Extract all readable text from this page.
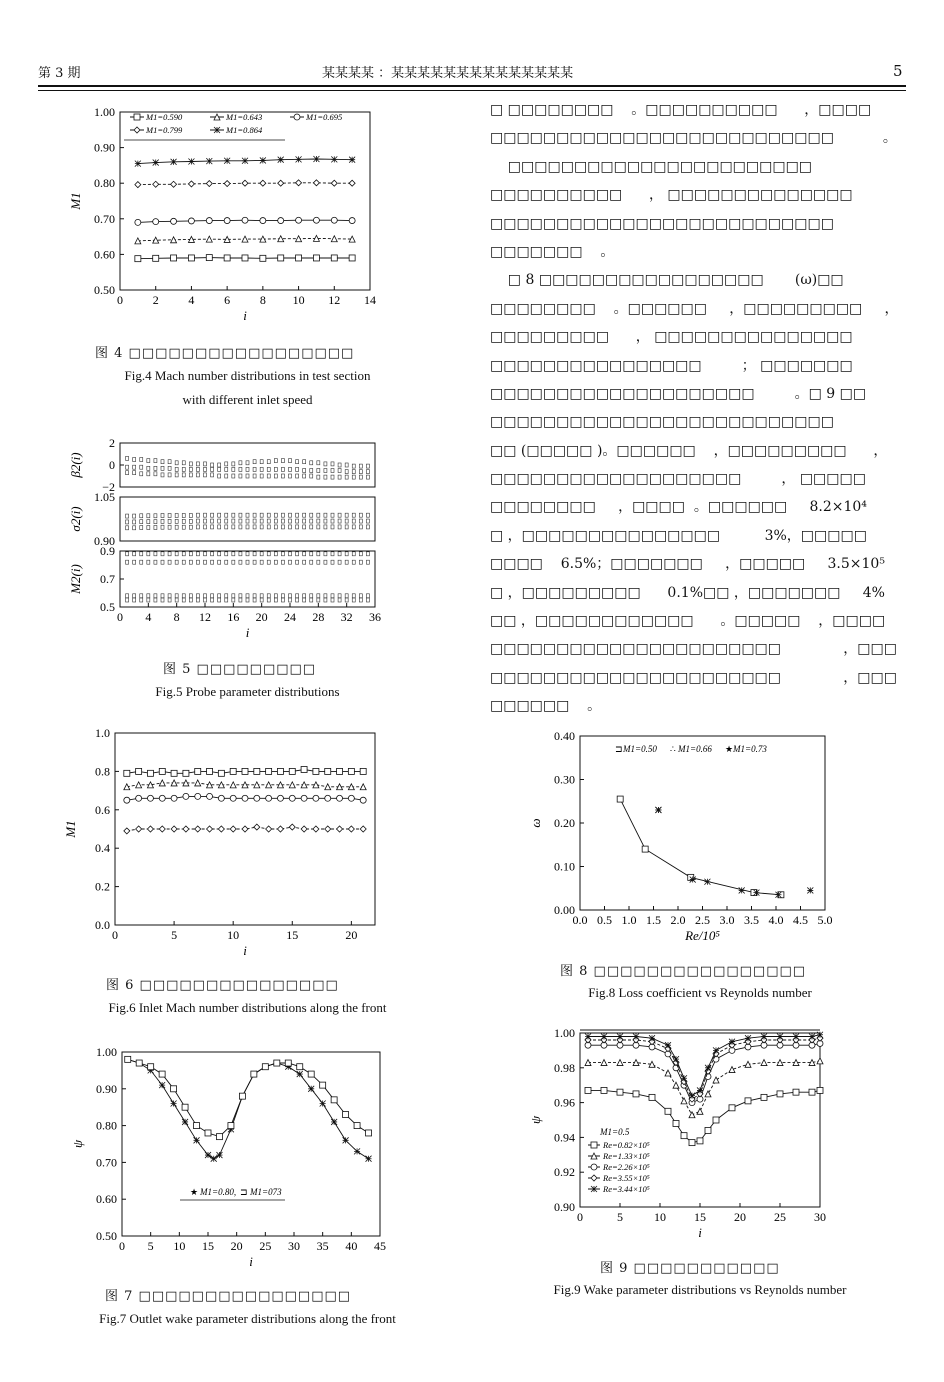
第 3 期	某某某某 ：某某某某某某某某某某某某某某	5
□ □□□□□□□□    。□□□□□□□□□□      ，□□□□
□□□□□□□□□□□□□□□□□□□□□□□□□□           。
□□□□□□□□□□□□□□□□□□□□□□□
□□□□□□□□□□      ， □□□□□□□□□□□□□□
□□□□□□□□□□□□□□□□□□□□□□□□□□
□□□□□□□    。
□ 8 □□□□□□□□□□□□□□□□□       (ω)□□
□□□□□□□□    。□□□□□□     ，□□□□□□□□□     ，
□□□□□□□□□      ， □□□□□□□□□□□□□□□
□□□□□□□□□□□□□□□□         ； □□□□□□□
□□□□□□□□□□□□□□□□□□□□         。□ 9 □□
□□□□□□□□□□□□□□□□□□□□□□□□□□
□□ (□□□□□ )。□□□□□□    ，□□□□□□□□□      ，
□□□□□□□□□□□□□□□□□□□         ， □□□□□
□□□□□□□□     ，□□□□  。□□□□□□     8.2×10⁴
□ ，□□□□□□□□□□□□□□□          3%，□□□□□
□□□□    6.5%；□□□□□□□     ，□□□□□     3.5×10⁵
□ ，□□□□□□□□□      0.1%□□ ，□□□□□□□     4%
□□ ，□□□□□□□□□□□□      。□□□□□    ，□□□□
□□□□□□□□□□□□□□□□□□□□□□              ，□□□
□□□□□□□□□□□□□□□□□□□□□□              ，□□□
□□□□□□    。
0 2 4 6 8 10 12 14
i
0.50
0.60
0.70
0.80
0.90
1.00
M1
M1=0.590	M1=0.643	M1=0.695
M1=0.799	M1=0.864
图 4 □□□□□□□□□□□□□□□□□
Fig.4 Mach number distributions in test section
with different inlet speed
−2
0
2
β2(i)
0.90
1.05
σ2(i)
0 4 8 12 16 20 24 28 32 36
i
0.5
0.7
0.9
M2(i)
图 5 □□□□□□□□□
Fig.5 Probe parameter distributions
0	5	10	15	20
i
0.0
0.2
0.4
0.6
0.8
1.0
M1
图 6 □□□□□□□□□□□□□□□
Fig.6 Inlet Mach number distributions along the front
0 5 10 15 20 25 30 35 40 45
i
0.50
0.60
0.70
0.80
0.90
1.00
ψ
★ M1=0.80, ⊐ M1=073
图 7 □□□□□□□□□□□□□□□□
Fig.7 Outlet wake parameter distributions along the front
0.0 0.5 1.0 1.5 2.0 2.5 3.0 3.5 4.0 4.5 5.0
Re/10⁵
0.00
0.10
0.20
0.30
0.40
ω
⊐ M1=0.50 ∴ M1=0.66 ★ M1=0.73
图 8 □□□□□□□□□□□□□□□□
Fig.8 Loss coefficient vs Reynolds number
0	5	10 15 20 25 30
i
0.90
0.92
0.94
0.96
0.98
1.00
ψ
M1=0.5
Re=0.82×10⁵
Re=1.33×10⁵
Re=2.26×10⁵
Re=3.55×10⁵
Re=3.44×10⁵
图 9 □□□□□□□□□□□
Fig.9 Wake parameter distributions vs Reynolds number
